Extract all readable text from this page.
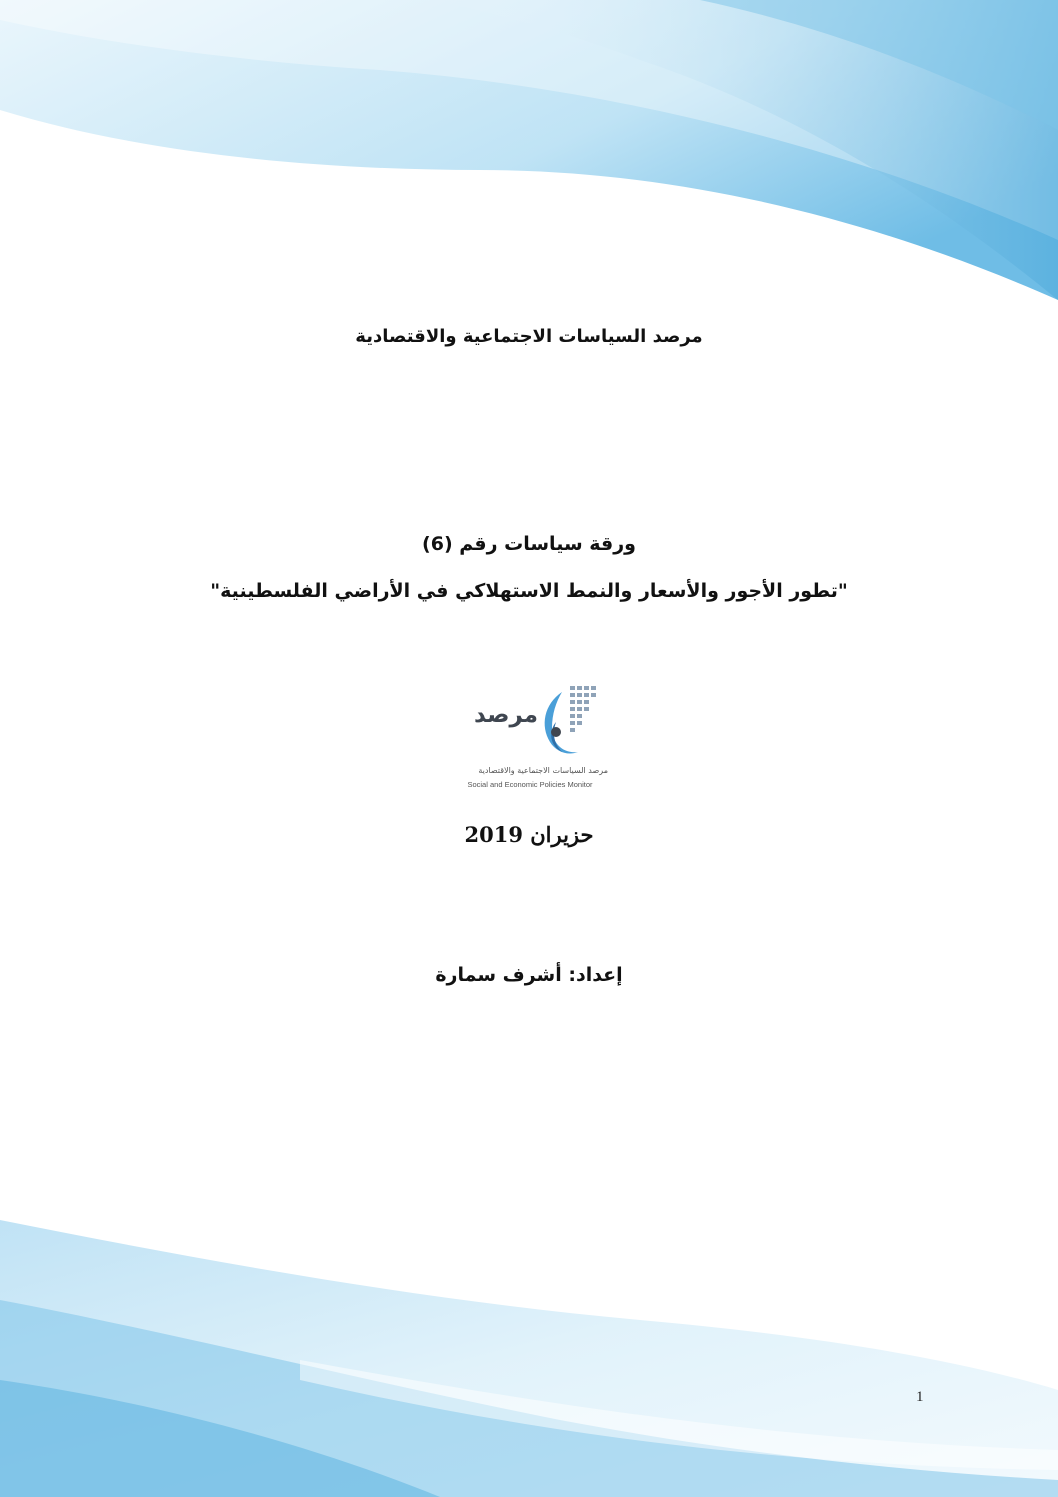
مرصد السياسات الاجتماعية والاقتصادية
ورقة سياسات رقم (6)
"تطور الأجور والأسعار والنمط الاستهلاكي في الأراضي الفلسطينية"
مرصد
مرصد السياسات الاجتماعية والاقتصادية
Social and Economic Policies Monitor
حزيران 2019
إعداد: أشرف سمارة
1
